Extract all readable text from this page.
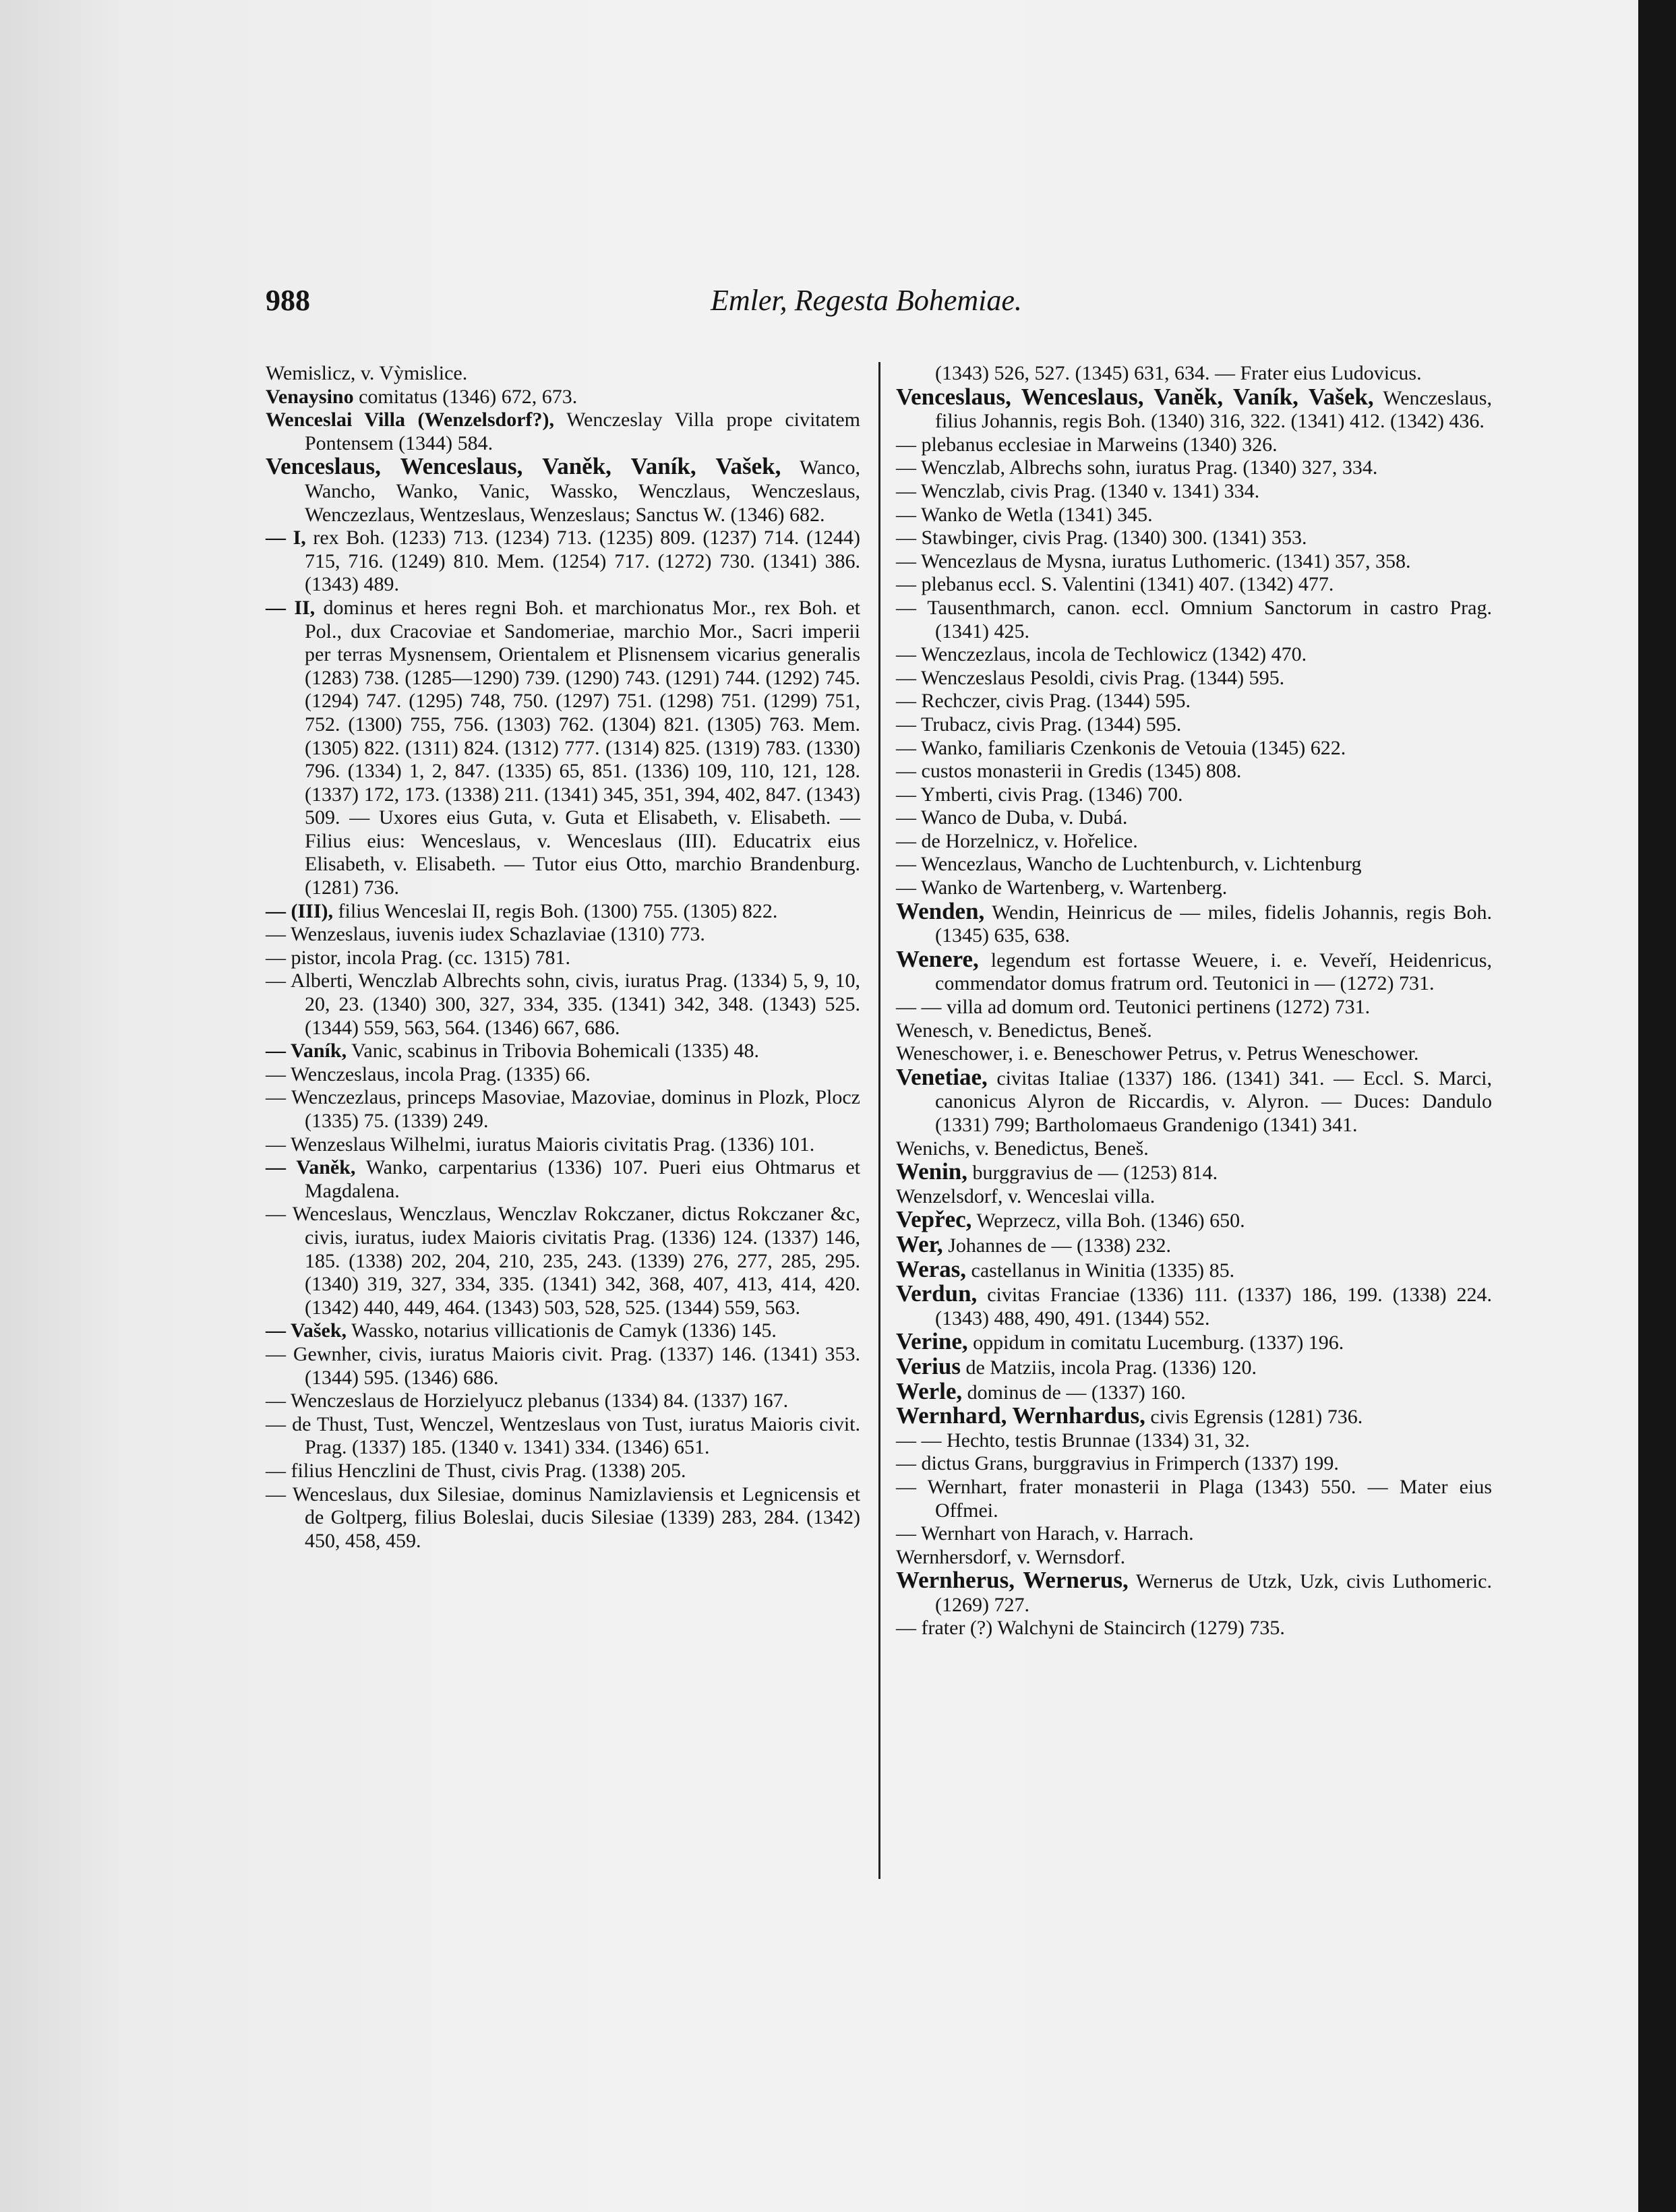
988	Emler, Regesta Bohemiae.
Wemislicz, v. Vỳmislice.
Venaysino comitatus (1346) 672, 673.
Wenceslai Villa (Wenzelsdorf?), Wenczeslay Villa prope civitatem Pontensem (1344) 584.
Venceslaus, Wenceslaus, Vaněk, Vaník, Vašek, Wanco, Wancho, Wanko, Vanic, Wassko, Wenczlaus, Wenczeslaus, Wenczezlaus, Wentzeslaus, Wenzeslaus; Sanctus W. (1346) 682.
— I, rex Boh. (1233) 713. (1234) 713. (1235) 809. (1237) 714. (1244) 715, 716. (1249) 810. Mem. (1254) 717. (1272) 730. (1341) 386. (1343) 489.
— II, dominus et heres regni Boh. et marchionatus Mor., rex Boh. et Pol., dux Cracoviae et Sandomeriae, marchio Mor., Sacri imperii per terras Mysnensem, Orientalem et Plisnensem vicarius generalis (1283) 738. (1285—1290) 739. (1290) 743. (1291) 744. (1292) 745. (1294) 747. (1295) 748, 750. (1297) 751. (1298) 751. (1299) 751, 752. (1300) 755, 756. (1303) 762. (1304) 821. (1305) 763. Mem. (1305) 822. (1311) 824. (1312) 777. (1314) 825. (1319) 783. (1330) 796. (1334) 1, 2, 847. (1335) 65, 851. (1336) 109, 110, 121, 128. (1337) 172, 173. (1338) 211. (1341) 345, 351, 394, 402, 847. (1343) 509. — Uxores eius Guta, v. Guta et Elisabeth, v. Elisabeth. — Filius eius: Wenceslaus, v. Wenceslaus (III). Educatrix eius Elisabeth, v. Elisabeth. — Tutor eius Otto, marchio Brandenburg. (1281) 736.
— (III), filius Wenceslai II, regis Boh. (1300) 755. (1305) 822.
— Wenzeslaus, iuvenis iudex Schazlaviae (1310) 773.
— pistor, incola Prag. (cc. 1315) 781.
— Alberti, Wenczlab Albrechts sohn, civis, iuratus Prag. (1334) 5, 9, 10, 20, 23. (1340) 300, 327, 334, 335. (1341) 342, 348. (1343) 525. (1344) 559, 563, 564. (1346) 667, 686.
— Vaník, Vanic, scabinus in Tribovia Bohemicali (1335) 48.
— Wenczeslaus, incola Prag. (1335) 66.
— Wenczezlaus, princeps Masoviae, Mazoviae, dominus in Plozk, Plocz (1335) 75. (1339) 249.
— Wenzeslaus Wilhelmi, iuratus Maioris civitatis Prag. (1336) 101.
— Vaněk, Wanko, carpentarius (1336) 107. Pueri eius Ohtmarus et Magdalena.
— Wenceslaus, Wenczlaus, Wenczlav Rokczaner, dictus Rokczaner &c, civis, iuratus, iudex Maioris civitatis Prag. (1336) 124. (1337) 146, 185. (1338) 202, 204, 210, 235, 243. (1339) 276, 277, 285, 295. (1340) 319, 327, 334, 335. (1341) 342, 368, 407, 413, 414, 420. (1342) 440, 449, 464. (1343) 503, 528, 525. (1344) 559, 563.
— Vašek, Wassko, notarius villicationis de Camyk (1336) 145.
— Gewnher, civis, iuratus Maioris civit. Prag. (1337) 146. (1341) 353. (1344) 595. (1346) 686.
— Wenczeslaus de Horzielyucz plebanus (1334) 84. (1337) 167.
— de Thust, Tust, Wenczel, Wentzeslaus von Tust, iuratus Maioris civit. Prag. (1337) 185. (1340 v. 1341) 334. (1346) 651.
— filius Henczlini de Thust, civis Prag. (1338) 205.
— Wenceslaus, dux Silesiae, dominus Namizlaviensis et Legnicensis et de Goltperg, filius Boleslai, ducis Silesiae (1339) 283, 284. (1342) 450, 458, 459.
(1343) 526, 527. (1345) 631, 634. — Frater eius Ludovicus.
Venceslaus, Wenceslaus, Vaněk, Vaník, Vašek, Wenczeslaus, filius Johannis, regis Boh. (1340) 316, 322. (1341) 412. (1342) 436.
— plebanus ecclesiae in Marweins (1340) 326.
— Wenczlab, Albrechs sohn, iuratus Prag. (1340) 327, 334.
— Wenczlab, civis Prag. (1340 v. 1341) 334.
— Wanko de Wetla (1341) 345.
— Stawbinger, civis Prag. (1340) 300. (1341) 353.
— Wencezlaus de Mysna, iuratus Luthomeric. (1341) 357, 358.
— plebanus eccl. S. Valentini (1341) 407. (1342) 477.
— Tausenthmarch, canon. eccl. Omnium Sanctorum in castro Prag. (1341) 425.
— Wenczezlaus, incola de Techlowicz (1342) 470.
— Wenczeslaus Pesoldi, civis Prag. (1344) 595.
— Rechczer, civis Prag. (1344) 595.
— Trubacz, civis Prag. (1344) 595.
— Wanko, familiaris Czenkonis de Vetouia (1345) 622.
— custos monasterii in Gredis (1345) 808.
— Ymberti, civis Prag. (1346) 700.
— Wanco de Duba, v. Dubá.
— de Horzelnicz, v. Hořelice.
— Wencezlaus, Wancho de Luchtenburch, v. Lichtenburg
— Wanko de Wartenberg, v. Wartenberg.
Wenden, Wendin, Heinricus de — miles, fidelis Johannis, regis Boh. (1345) 635, 638.
Wenere, legendum est fortasse Weuere, i. e. Veveří, Heidenricus, commendator domus fratrum ord. Teutonici in — (1272) 731.
— — villa ad domum ord. Teutonici pertinens (1272) 731.
Wenesch, v. Benedictus, Beneš.
Weneschower, i. e. Beneschower Petrus, v. Petrus Weneschower.
Venetiae, civitas Italiae (1337) 186. (1341) 341. — Eccl. S. Marci, canonicus Alyron de Riccardis, v. Alyron. — Duces: Dandulo (1331) 799; Bartholomaeus Grandenigo (1341) 341.
Wenichs, v. Benedictus, Beneš.
Wenin, burggravius de — (1253) 814.
Wenzelsdorf, v. Wenceslai villa.
Vepřec, Weprzecz, villa Boh. (1346) 650.
Wer, Johannes de — (1338) 232.
Weras, castellanus in Winitia (1335) 85.
Verdun, civitas Franciae (1336) 111. (1337) 186, 199. (1338) 224. (1343) 488, 490, 491. (1344) 552.
Verine, oppidum in comitatu Lucemburg. (1337) 196.
Verius de Matziis, incola Prag. (1336) 120.
Werle, dominus de — (1337) 160.
Wernhard, Wernhardus, civis Egrensis (1281) 736.
— — Hechto, testis Brunnae (1334) 31, 32.
— dictus Grans, burggravius in Frimperch (1337) 199.
— Wernhart, frater monasterii in Plaga (1343) 550. — Mater eius Offmei.
— Wernhart von Harach, v. Harrach.
Wernhersdorf, v. Wernsdorf.
Wernherus, Wernerus, Wernerus de Utzk, Uzk, civis Luthomeric. (1269) 727.
— frater (?) Walchyni de Staincirch (1279) 735.
